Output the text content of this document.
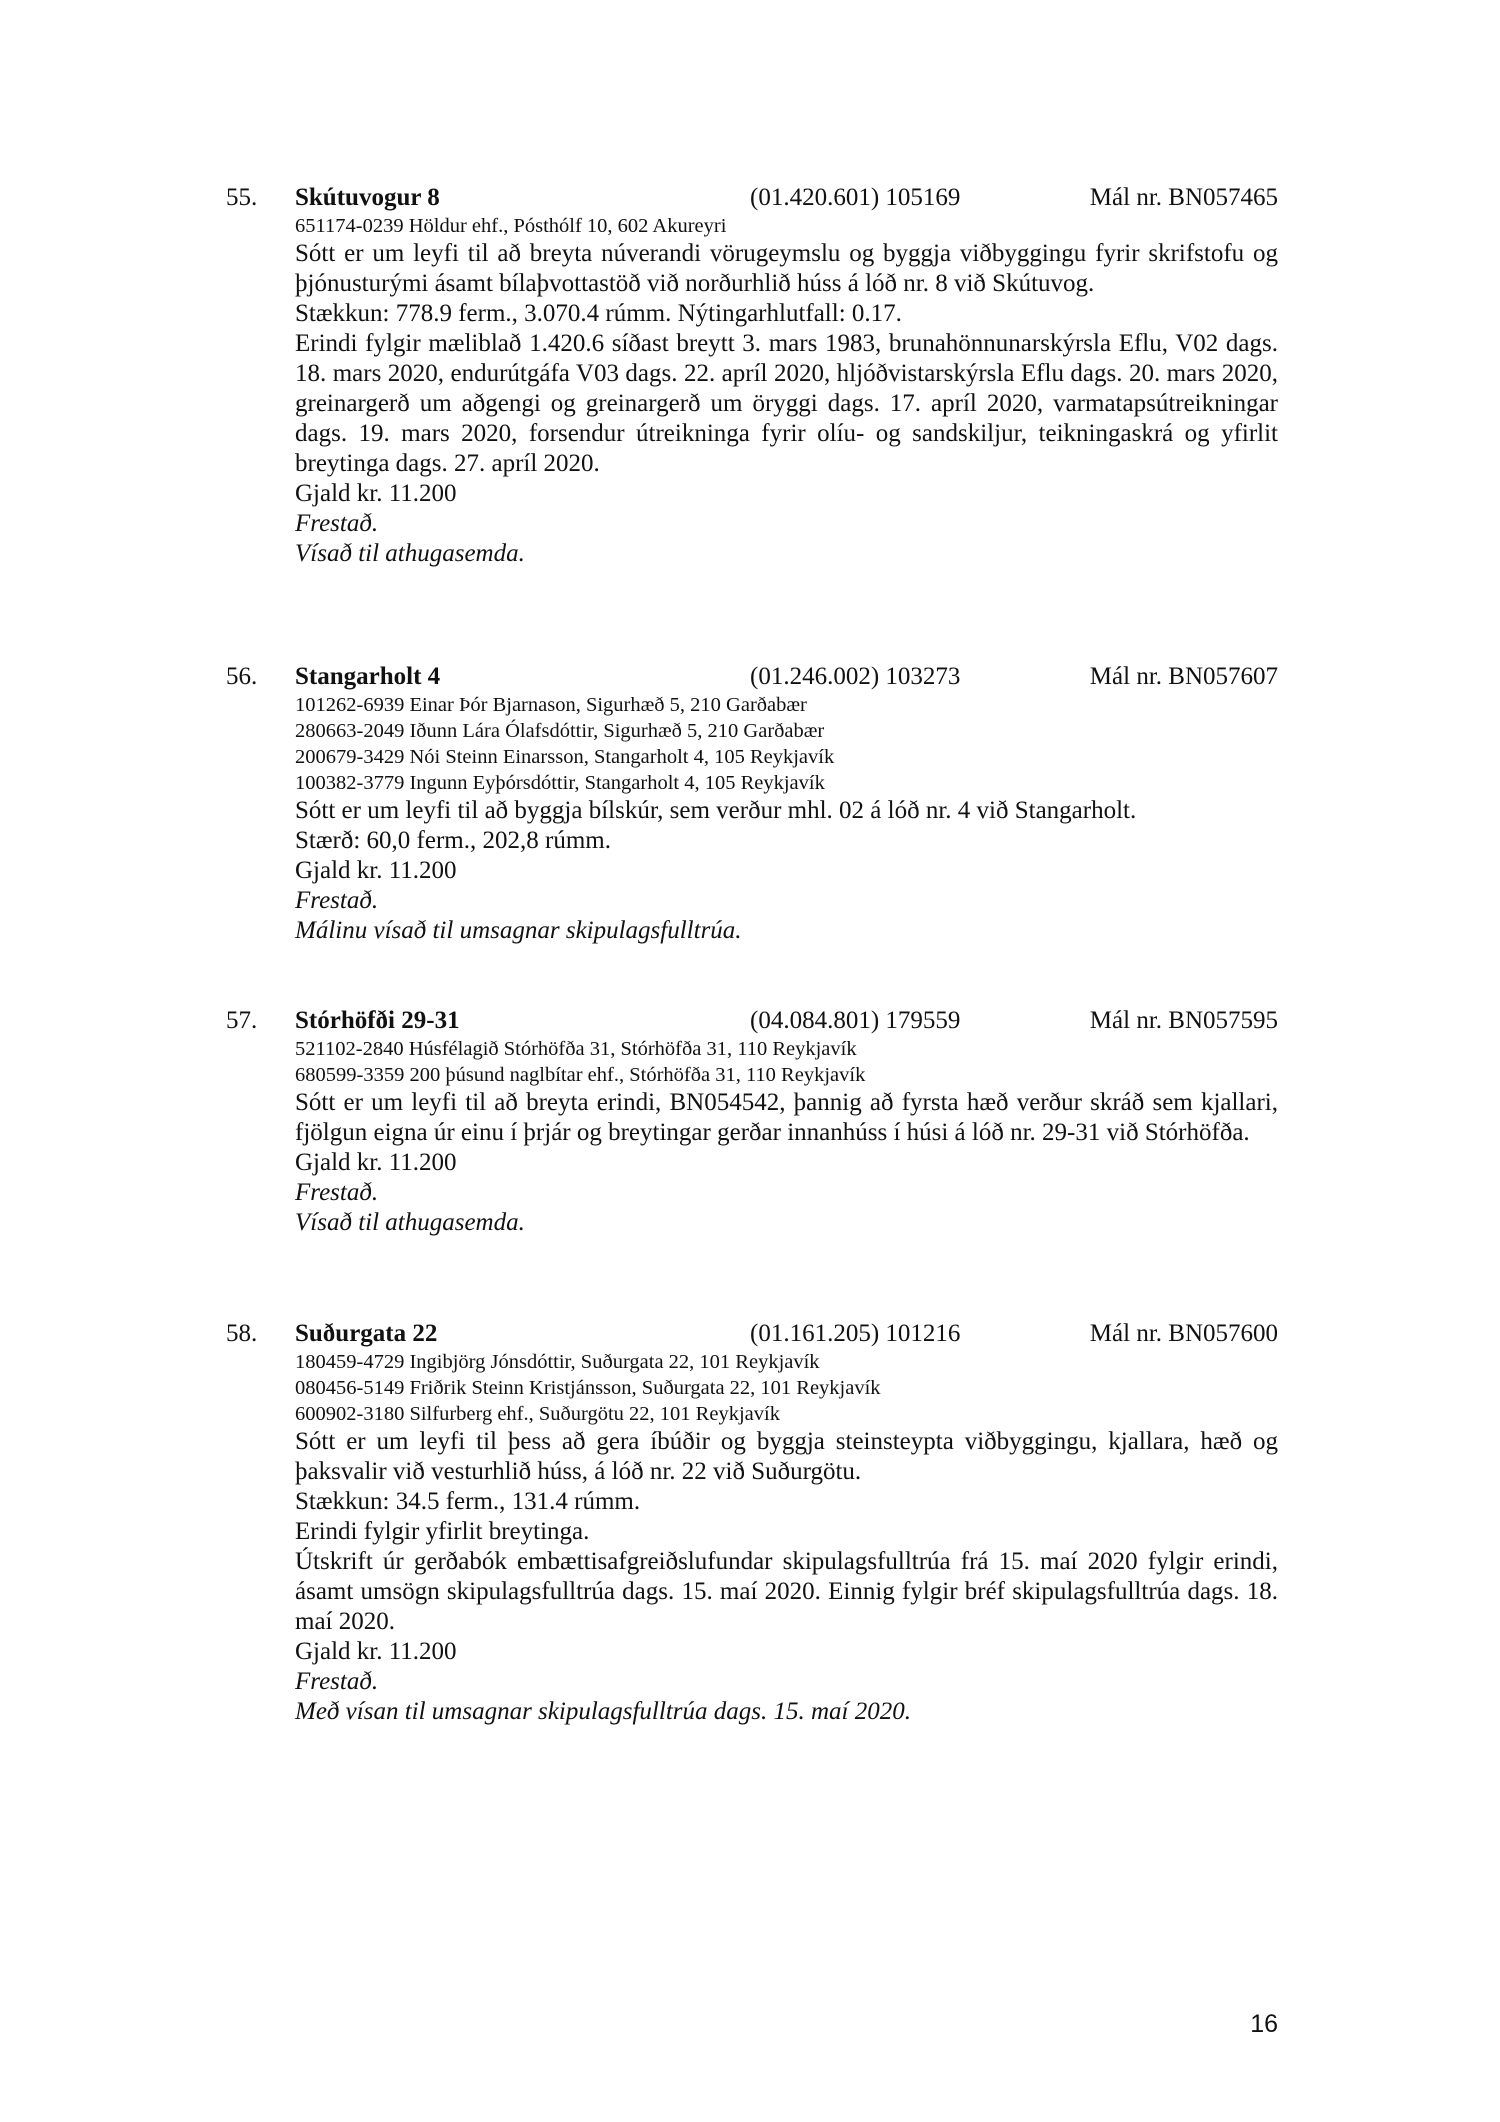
55. Skútuvogur 8	(01.420.601) 105169	Mál nr. BN057465
651174-0239 Höldur ehf., Pósthólf 10, 602 Akureyri

Sótt er um leyfi til að breyta núverandi vörugeymslu og byggja viðbyggingu fyrir skrifstofu og þjónusturými ásamt bílaþvottastöð við norðurhlið húss á lóð nr. 8 við Skútuvog.

Stækkun: 778.9 ferm., 3.070.4 rúmm. Nýtingarhlutfall: 0.17.

Erindi fylgir mæliblað 1.420.6 síðast breytt 3. mars 1983, brunahönnunarskýrsla Eflu, V02 dags. 18. mars 2020, endurútgáfa V03 dags. 22. apríl 2020, hljóðvistarskýrsla Eflu dags. 20. mars 2020, greinargerð um aðgengi og greinargerð um öryggi dags. 17. apríl 2020, varmatapsútreikningar dags. 19. mars 2020, forsendur útreikninga fyrir olíu- og sandskiljur, teikningaskrá og yfirlit breytinga dags. 27. apríl 2020.

Gjald kr. 11.200

Frestað.

Vísað til athugasemda.

56. Stangarholt 4	(01.246.002) 103273	Mál nr. BN057607
101262-6939 Einar Þór Bjarnason, Sigurhæð 5, 210 Garðabær
280663-2049 Iðunn Lára Ólafsdóttir, Sigurhæð 5, 210 Garðabær
200679-3429 Nói Steinn Einarsson, Stangarholt 4, 105 Reykjavík
100382-3779 Ingunn Eyþórsdóttir, Stangarholt 4, 105 Reykjavík

Sótt er um leyfi til að byggja bílskúr, sem verður mhl. 02 á lóð nr. 4 við Stangarholt.

Stærð: 60,0 ferm., 202,8 rúmm.

Gjald kr. 11.200

Frestað.

Málinu vísað til umsagnar skipulagsfulltrúa.

57. Stórhöfði 29-31	(04.084.801) 179559	Mál nr. BN057595
521102-2840 Húsfélagið Stórhöfða 31, Stórhöfða 31, 110 Reykjavík
680599-3359 200 þúsund naglbítar ehf., Stórhöfða 31, 110 Reykjavík

Sótt er um leyfi til að breyta erindi, BN054542, þannig að fyrsta hæð verður skráð sem kjallari, fjölgun eigna úr einu í þrjár og breytingar gerðar innanhúss í húsi á lóð nr. 29-31 við Stórhöfða.

Gjald kr. 11.200

Frestað.

Vísað til athugasemda.

58. Suðurgata 22	(01.161.205) 101216	Mál nr. BN057600
180459-4729 Ingibjörg Jónsdóttir, Suðurgata 22, 101 Reykjavík
080456-5149 Friðrik Steinn Kristjánsson, Suðurgata 22, 101 Reykjavík
600902-3180 Silfurberg ehf., Suðurgötu 22, 101 Reykjavík

Sótt er um leyfi til þess að gera íbúðir og byggja steinsteypta viðbyggingu, kjallara, hæð og þaksvalir við vesturhlið húss, á lóð nr. 22 við Suðurgötu.

Stækkun: 34.5 ferm., 131.4 rúmm.

Erindi fylgir yfirlit breytinga.

Útskrift úr gerðabók embættisafgreiðslufundar skipulagsfulltrúa frá 15. maí 2020 fylgir erindi, ásamt umsögn skipulagsfulltrúa dags. 15. maí 2020. Einnig fylgir bréf skipulagsfulltrúa dags. 18. maí 2020.

Gjald kr. 11.200

Frestað.

Með vísan til umsagnar skipulagsfulltrúa dags. 15. maí 2020.

16
